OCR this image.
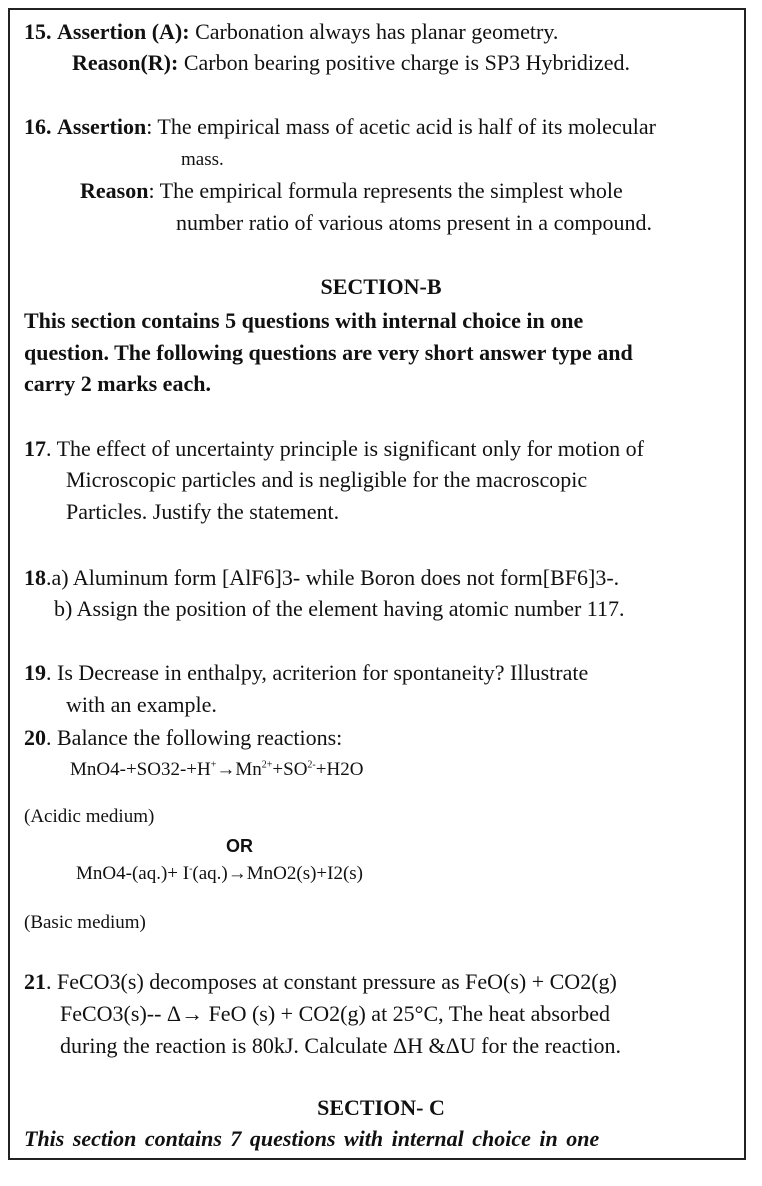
15. Assertion (A): Carbonation always has planar geometry.
Reason(R): Carbon bearing positive charge is SP3 Hybridized.
16. Assertion: The empirical mass of acetic acid is half of its molecular
mass.
Reason: The empirical formula represents the simplest whole
number ratio of various atoms present in a compound.
SECTION-B
This section contains 5 questions with internal choice in one
question. The following questions are very short answer type and
carry 2 marks each.
17. The effect of uncertainty principle is significant only for motion of
Microscopic particles and is negligible for the macroscopic
Particles. Justify the statement.
18.a) Aluminum form [AlF6]3- while Boron does not form[BF6]3-.
b) Assign the position of the element having atomic number 117.
19. Is Decrease in enthalpy, acriterion for spontaneity? Illustrate
with an example.
20. Balance the following reactions:
$MnO4-+SO32-+H^+\to Mn^{2+}+SO^{2-}+H2O$
(Acidic medium)
OR
MnO4-(aq.)+ I-(aq.)→MnO2(s)+I2(s)
(Basic medium)
21. FeCO3(s) decomposes at constant pressure as FeO(s) + CO2(g)
FeCO3(s)-- Δ→ FeO (s) + CO2(g) at 25°C, The heat absorbed
during the reaction is 80kJ. Calculate ΔH &ΔU for the reaction.
SECTION- C
This section contains 7 questions with internal choice in one
